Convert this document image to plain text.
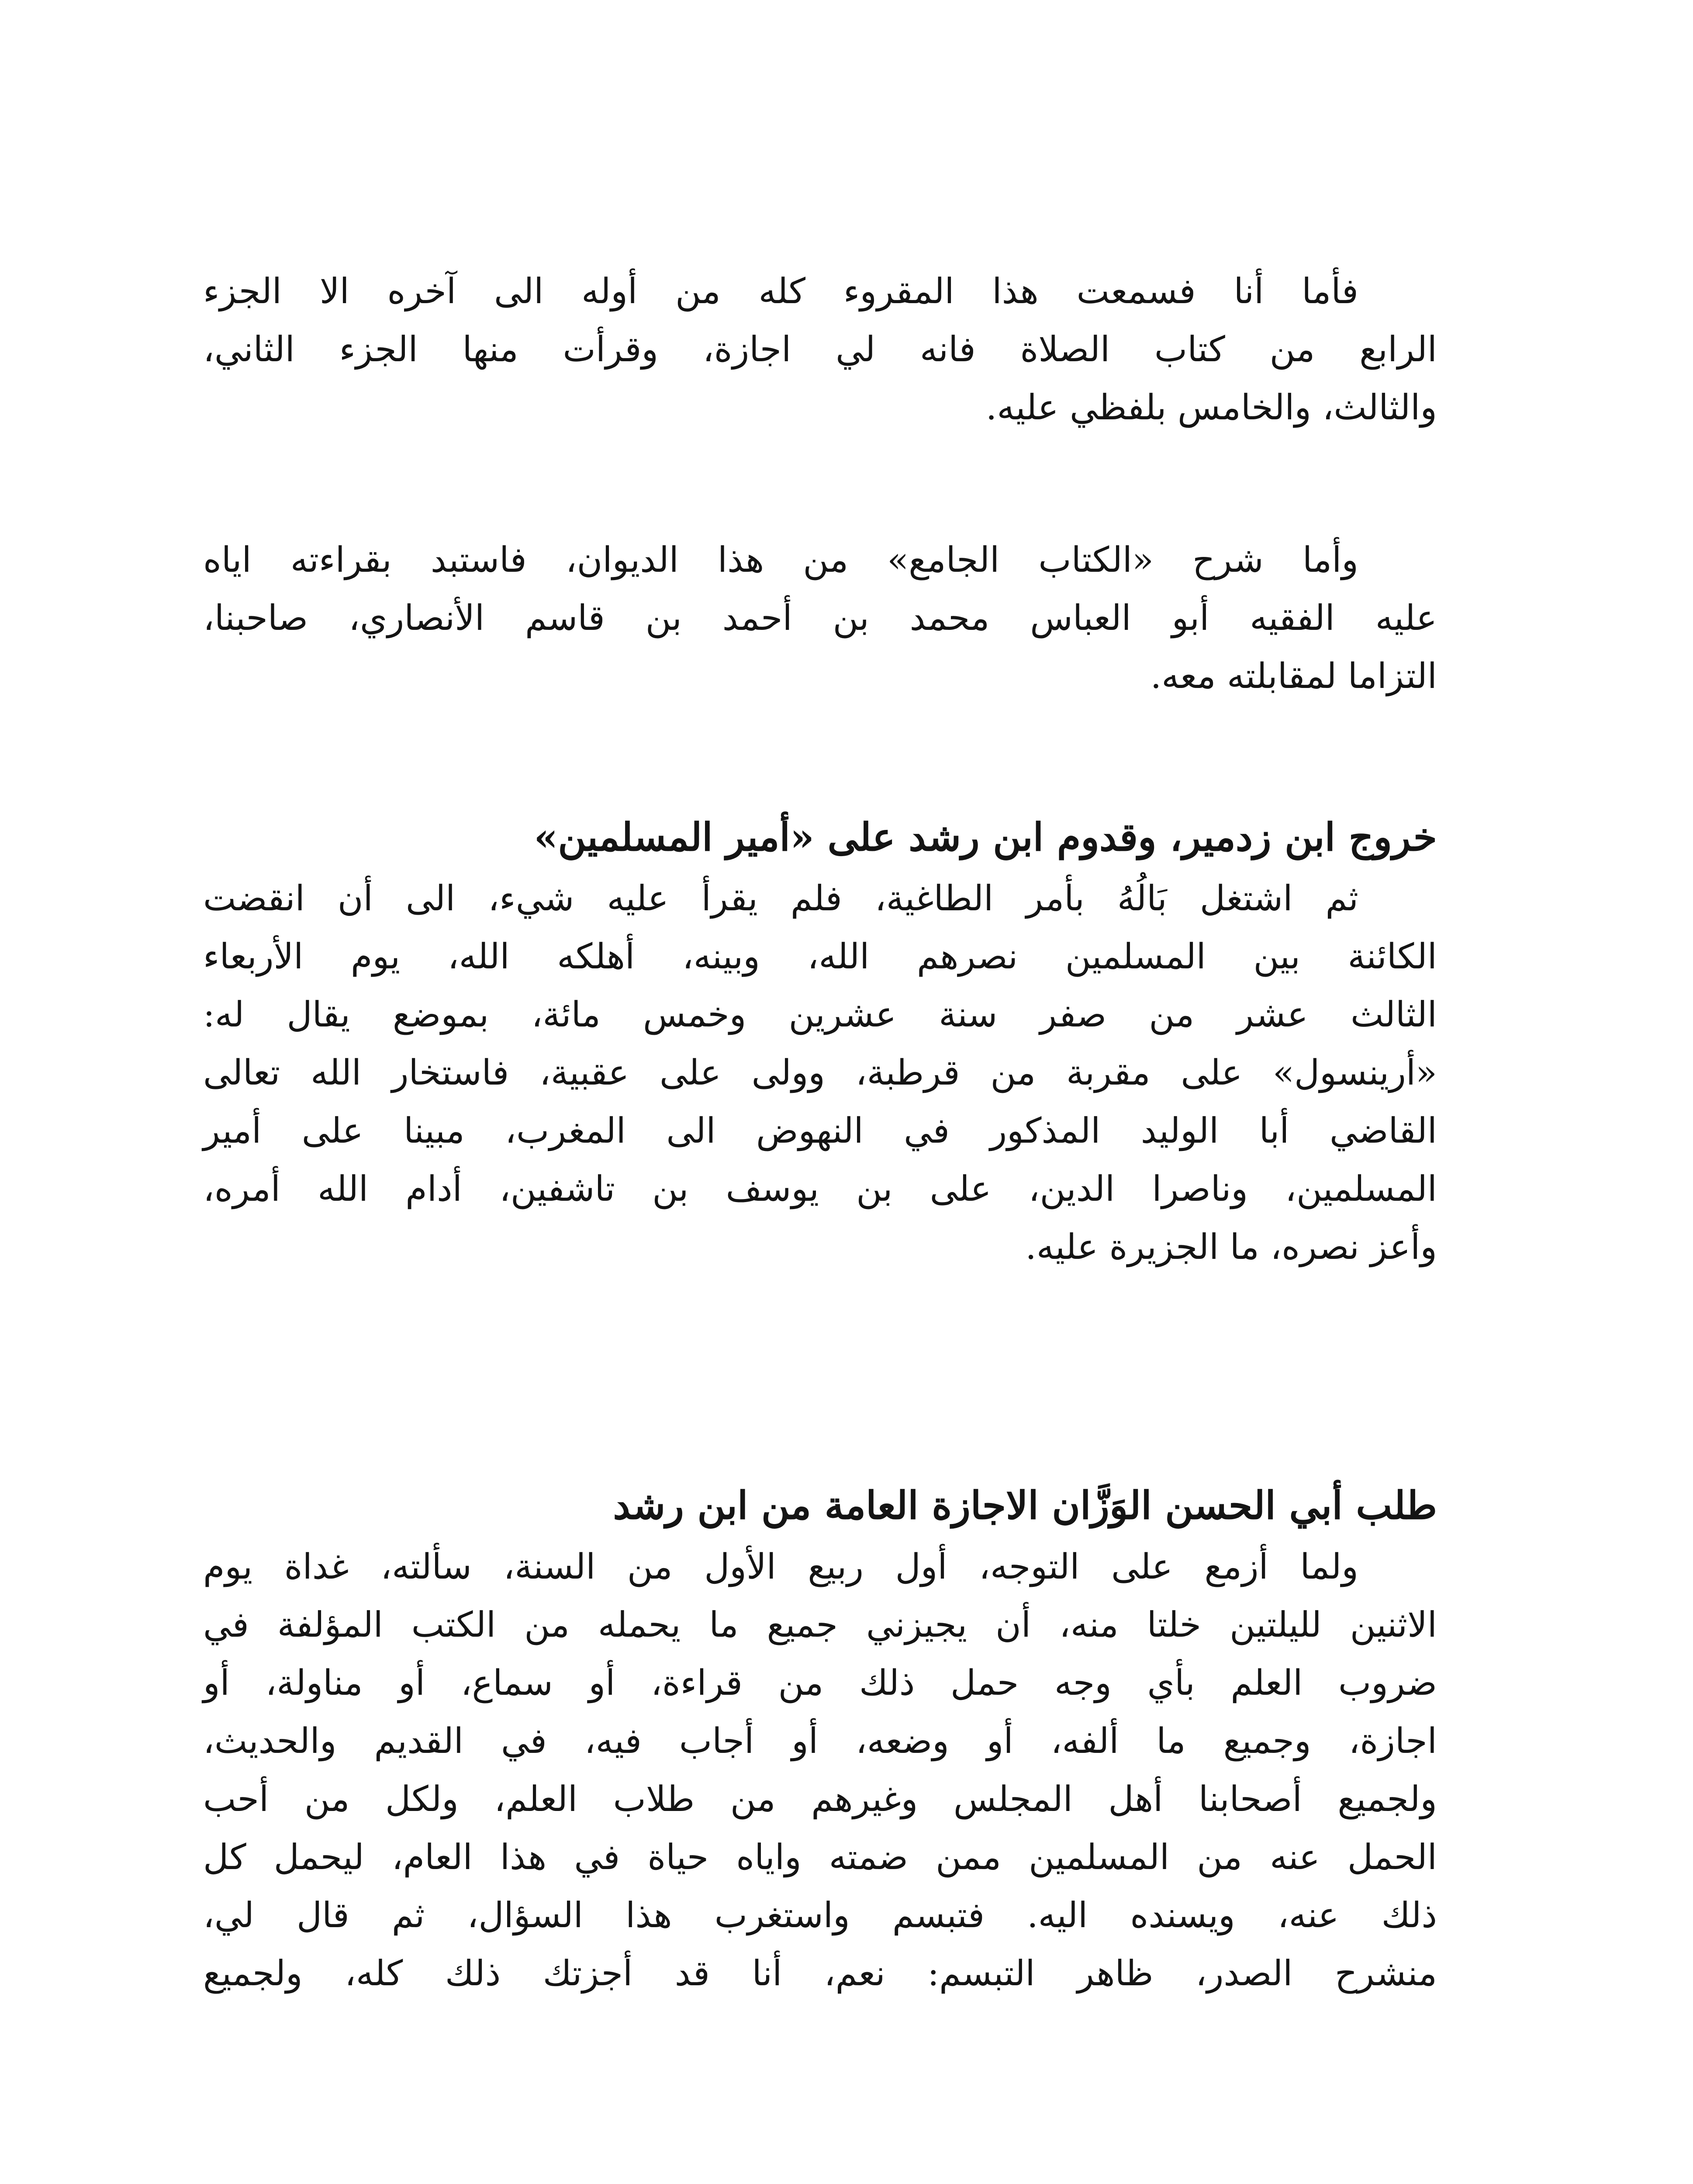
فأما أنا فسمعت هذا المقروء كله من أوله الى آخره الا الجزء
الرابع من كتاب الصلاة فانه لي اجازة، وقرأت منها الجزء الثاني،
والثالث، والخامس بلفظي عليه.
وأما شرح «الكتاب الجامع» من هذا الديوان، فاستبد بقراءته اياه
عليه الفقيه أبو العباس محمد بن أحمد بن قاسم الأنصاري، صاحبنا،
التزاما لمقابلته معه.
خروج ابن زدمير، وقدوم ابن رشد على «أمير المسلمين»
ثم اشتغل بَالُهُ بأمر الطاغية، فلم يقرأ عليه شيء، الى أن انقضت
الكائنة بين المسلمين نصرهم الله، وبينه، أهلكه الله، يوم الأربعاء
الثالث عشر من صفر سنة عشرين وخمس مائة، بموضع يقال له:
«أرينسول» على مقربة من قرطبة، وولى على عقبية، فاستخار الله تعالى
القاضي أبا الوليد المذكور في النهوض الى المغرب، مبينا على أمير
المسلمين، وناصرا الدين، على بن يوسف بن تاشفين، أدام الله أمره،
وأعز نصره، ما الجزيرة عليه.
طلب أبي الحسن الوَزَّان الاجازة العامة من ابن رشد
ولما أزمع على التوجه، أول ربيع الأول من السنة، سألته، غداة يوم
الاثنين لليلتين خلتا منه، أن يجيزني جميع ما يحمله من الكتب المؤلفة في
ضروب العلم بأي وجه حمل ذلك من قراءة، أو سماع، أو مناولة، أو
اجازة، وجميع ما ألفه، أو وضعه، أو أجاب فيه، في القديم والحديث،
ولجميع أصحابنا أهل المجلس وغيرهم من طلاب العلم، ولكل من أحب
الحمل عنه من المسلمين ممن ضمته واياه حياة في هذا العام، ليحمل كل
ذلك عنه، ويسنده اليه. فتبسم واستغرب هذا السؤال، ثم قال لي،
منشرح الصدر، ظاهر التبسم: نعم، أنا قد أجزتك ذلك كله، ولجميع
